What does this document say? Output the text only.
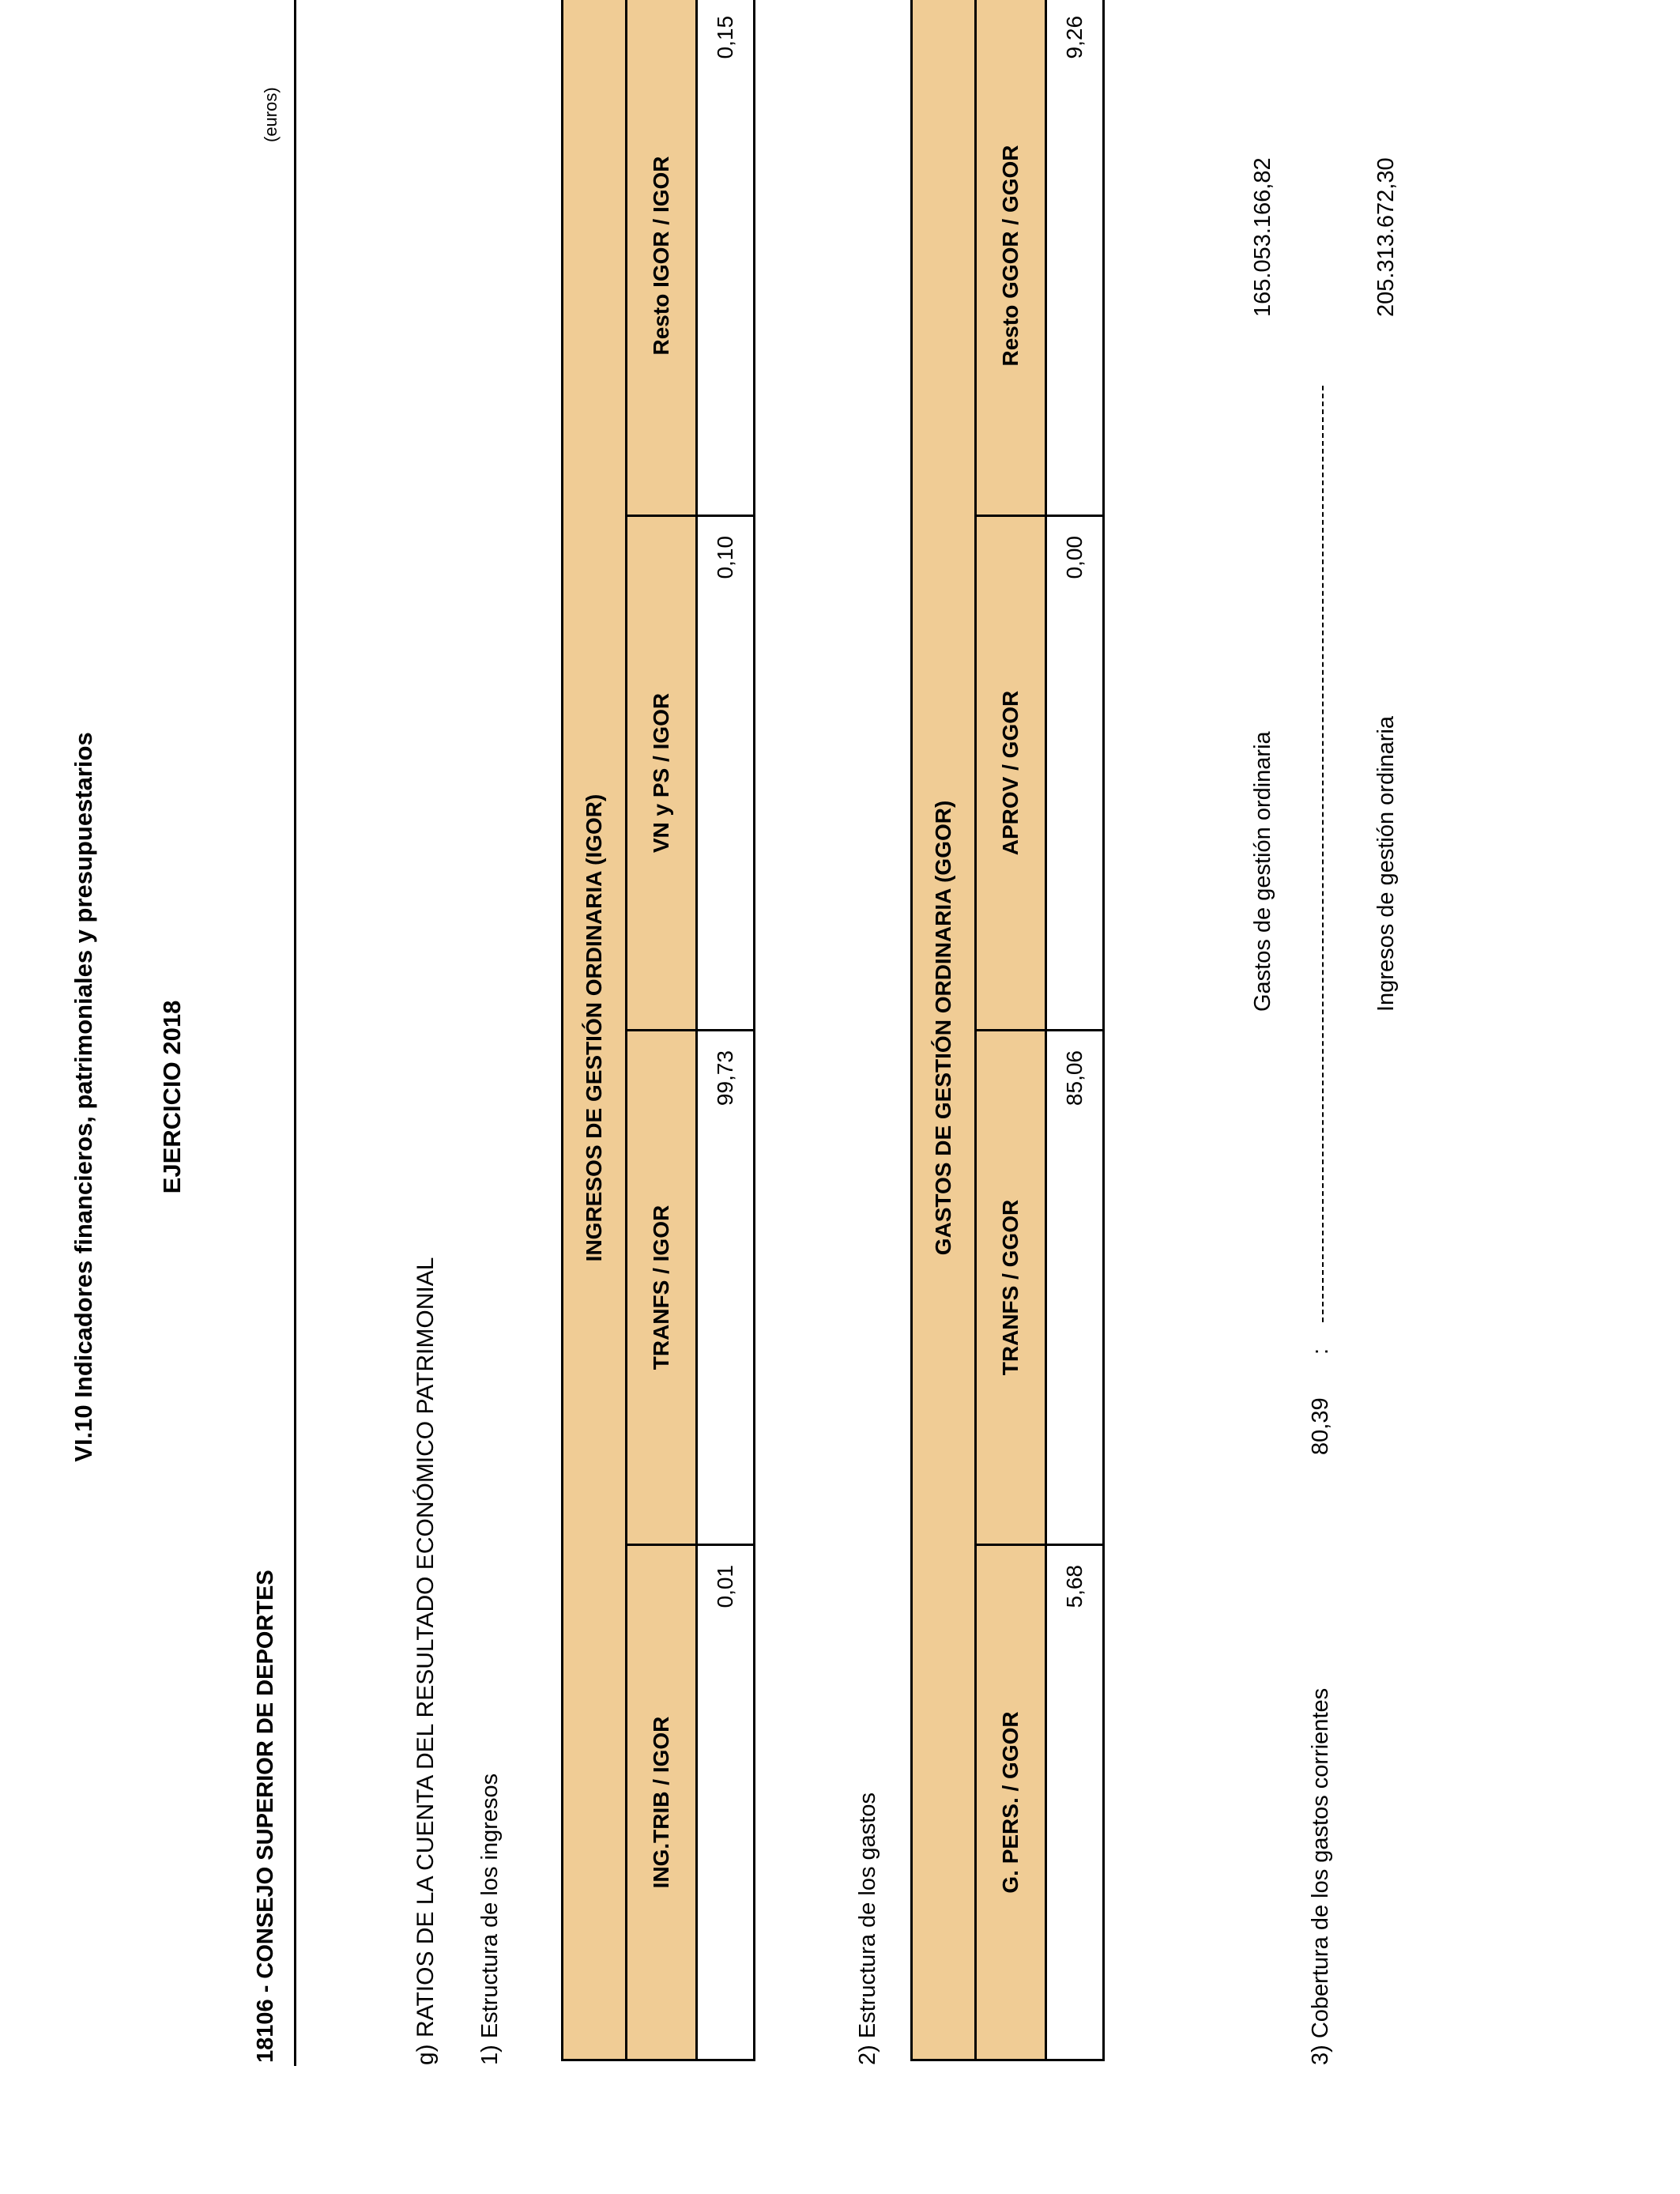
VI.10 Indicadores financieros, patrimoniales y presupuestarios EJERCICIO 2018
18106 - CONSEJO SUPERIOR DE DEPORTES
(euros)
g) RATIOS DE LA CUENTA DEL RESULTADO ECONÓMICO PATRIMONIAL 1) Estructura de los ingresos
INGRESOS DE GESTIÓN ORDINARIA (IGOR)			
ING.TRIB / IGOR	TRANFS / IGOR	VN y PS / IGOR	Resto IGOR / IGOR
0,01	99,73	0,10	0,15
2) Estructura de los gastos
GASTOS DE GESTIÓN ORDINARIA (GGOR)			
G. PERS. / GGOR	TRANFS / GGOR	APROV / GGOR	Resto GGOR / GGOR
5,68	85,06	0,00	9,26
3) Cobertura de los gastos corrientes
80,39
:
Gastos de gestión ordinaria
165.053.166,82
Ingresos de gestión ordinaria
205.313.672,30
